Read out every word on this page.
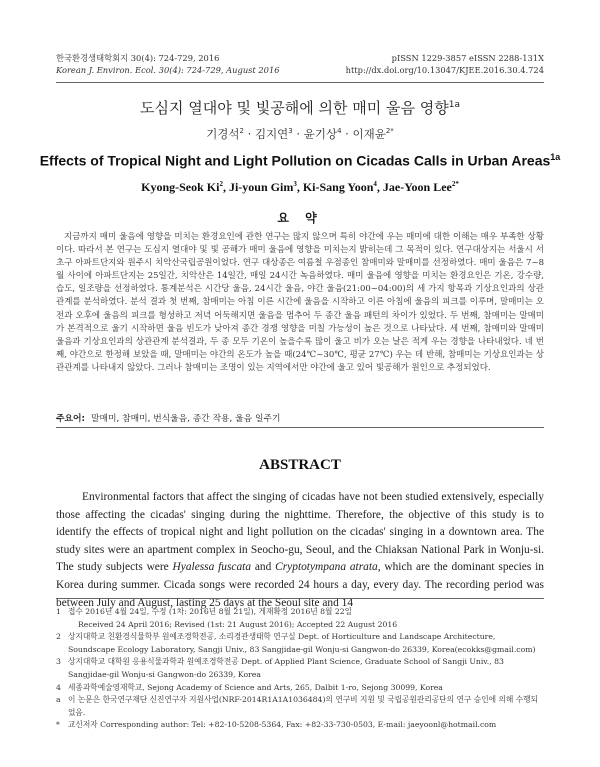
한국환경생태학회지 30(4): 724-729, 2016
Korean J. Environ. Ecol. 30(4): 724-729, August 2016
pISSN 1229-3857 eISSN 2288-131X
http://dx.doi.org/10.13047/KJEE.2016.30.4.724
도심지 열대야 및 빛공해에 의한 매미 울음 영향$^{1a}$
기경석$^2$ · 김지연$^3$ · 윤기상$^4$ · 이재윤$^{2*}$
Effects of Tropical Night and Light Pollution on Cicadas Calls in Urban Areas$^{1a}$
Kyong-Seok Ki$^2$, Ji-youn Gim$^3$, Ki-Sang Yoon$^4$, Jae-Yoon Lee$^{2*}$
요 약

지금까지 매미 울음에 영향을 미치는 환경요인에 관한 연구는 많지 않으며 특히 야간에 우는 매미에 대한 이해는 매우 부족한 상황이다. 따라서 본 연구는 도심지 열대야 및 빛 공해가 매미 울음에 영향을 미치는지 밝히는데 그 목적이 있다. 연구대상지는 서울시 서초구 아파트단지와 원주시 치악산국립공원이었다. 연구 대상종은 여름철 우점종인 참매미와 말매미를 선정하였다. 매미 울음은 7~8월 사이에 아파트단지는 25일간, 치악산은 14일간, 매일 24시간 녹음하였다. 매미 울음에 영향을 미치는 환경요인은 기온, 강수량, 습도, 일조량을 선정하였다. 통계분석은 시간당 울음, 24시간 울음, 야간 울음(21:00~04:00)의 세 가지 항목과 기상요인과의 상관관계를 분석하였다. 분석 결과 첫 번째, 참매미는 아침 이른 시간에 울음을 시작하고 이른 아침에 울음의 피크를 이루며, 말매미는 오전과 오후에 울음의 피크를 형성하고 저녁 어둑해지면 울음을 멈추어 두 종간 울음 패턴의 차이가 있었다. 두 번째, 참매미는 말매미가 본격적으로 울기 시작하면 울음 빈도가 낮아져 종간 경쟁 영향을 미칠 가능성이 높은 것으로 나타났다. 세 번째, 참매미와 말매미 울음과 기상요인과의 상관관계 분석결과, 두 종 모두 기온이 높을수록 많이 울고 비가 오는 날은 적게 우는 경향을 나타내었다. 네 번째, 야간으로 한정해 보았을 때, 말매미는 야간의 온도가 높을 때(24℃~30℃, 평균 27℃) 우는 데 반해, 참매미는 기상요인과는 상관관계를 나타내지 않았다. 그러나 참매미는 조명이 있는 지역에서만 야간에 울고 있어 빛공해가 원인으로 추정되었다.

주요어: 말매미, 참매미, 번식울음, 종간 작용, 울음 일주기
ABSTRACT

Environmental factors that affect the singing of cicadas have not been studied extensively, especially those affecting the cicadas' singing during the nighttime. Therefore, the objective of this study is to identify the effects of tropical night and light pollution on the cicadas' singing in a downtown area. The study sites were an apartment complex in Seocho-gu, Seoul, and the Chiaksan National Park in Wonju-si. The study subjects were Hyalessa fuscata and Cryptotympana atrata, which are the dominant species in Korea during summer. Cicada songs were recorded 24 hours a day, every day. The recording period was between July and August, lasting 25 days at the Seoul site and 14

1 접수 2016년 4월 24일, 수정 (1차: 2016년 8월 21일), 게재확정 2016년 8월 22일
Received 24 April 2016; Revised (1st: 21 August 2016); Accepted 22 August 2016
2 상지대학교 친환경식물학부 원예조경학전공, 소리경관생태학 연구실 Dept. of Horticulture and Landscape Architecture, Soundscape Ecology Laboratory, Sangji Univ., 83 Sangjidae-gil Wonju-si Gangwon-do 26339, Korea(ecokks@gmail.com)
3 상지대학교 대학원 응용식물과학과 원예조경학전공 Dept. of Applied Plant Science, Graduate School of Sangji Univ., 83 Sangjidae-gil Wonju-si Gangwon-do 26339, Korea
4 세종과학예술영재학교, Sejong Academy of Science and Arts, 265, Dalbit 1-ro, Sejong 30099, Korea
a 이 논문은 한국연구재단 신진연구자 지원사업(NRF-2014R1A1A1036484)의 연구비 지원 및 국립공원관리공단의 연구 승인에 의해 수행되었음.
* 교신저자 Corresponding author: Tel: +82-10-5208-5364, Fax: +82-33-730-0503, E-mail: jaeyoonl@hotmail.com
